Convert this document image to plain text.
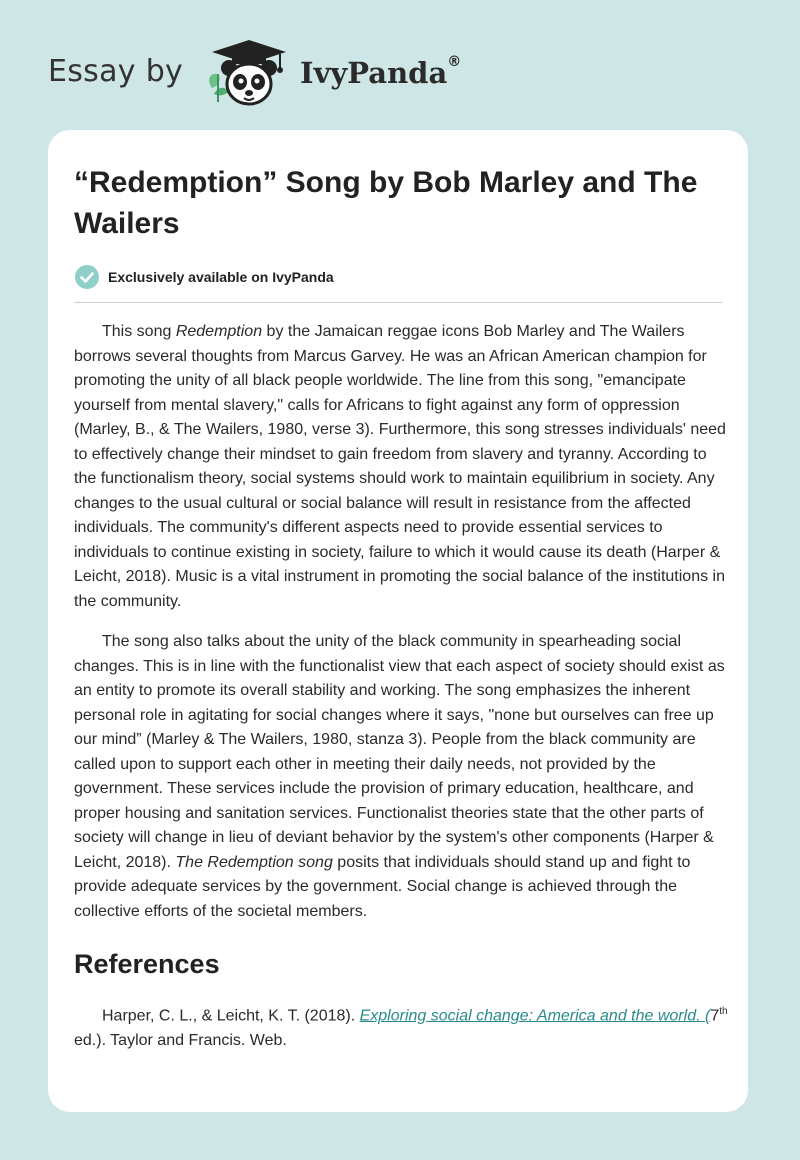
Essay by	IvyPanda®
“Redemption” Song by Bob Marley and The Wailers
Exclusively available on IvyPanda

This song Redemption by the Jamaican reggae icons Bob Marley and The Wailers borrows several thoughts from Marcus Garvey. He was an African American champion for promoting the unity of all black people worldwide. The line from this song, "emancipate yourself from mental slavery," calls for Africans to fight against any form of oppression (Marley, B., & The Wailers, 1980, verse 3). Furthermore, this song stresses individuals' need to effectively change their mindset to gain freedom from slavery and tyranny. According to the functionalism theory, social systems should work to maintain equilibrium in society. Any changes to the usual cultural or social balance will result in resistance from the affected individuals. The community's different aspects need to provide essential services to individuals to continue existing in society, failure to which it would cause its death (Harper & Leicht, 2018). Music is a vital instrument in promoting the social balance of the institutions in the community.

The song also talks about the unity of the black community in spearheading social changes. This is in line with the functionalist view that each aspect of society should exist as an entity to promote its overall stability and working. The song emphasizes the inherent personal role in agitating for social changes where it says, "none but ourselves can free up our mind” (Marley & The Wailers, 1980, stanza 3). People from the black community are called upon to support each other in meeting their daily needs, not provided by the government. These services include the provision of primary education, healthcare, and proper housing and sanitation services. Functionalist theories state that the other parts of society will change in lieu of deviant behavior by the system's other components (Harper & Leicht, 2018). The Redemption song posits that individuals should stand up and fight to provide adequate services by the government. Social change is achieved through the collective efforts of the societal members.

References

Harper, C. L., & Leicht, K. T. (2018). Exploring social change: America and the world. (7th ed.). Taylor and Francis. Web.
